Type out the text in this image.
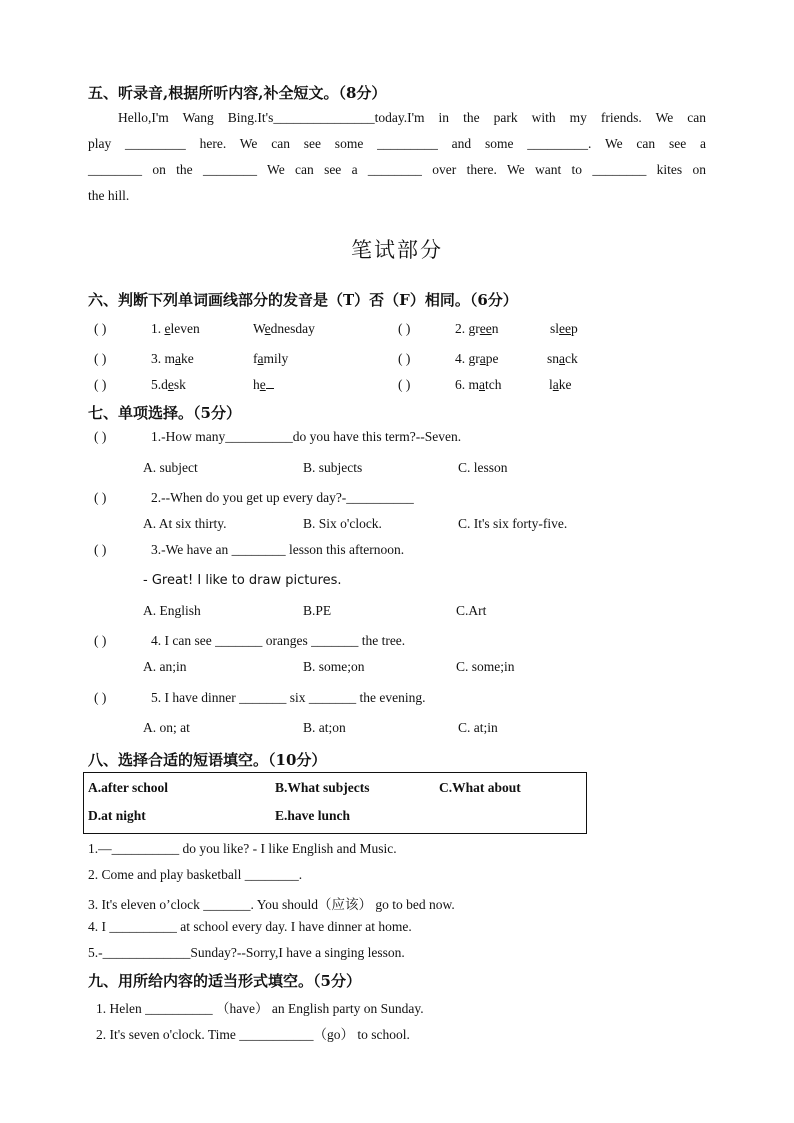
五、听录音,根据所听内容,补全短文。（8分）
Hello,I'm Wang Bing.It's_______________today.I'm in the park with my friends. We can
play _________ here. We can see some _________ and some _________. We can see a
________ on the ________ We can see a ________ over there. We want to ________ kites on
the hill.
笔试部分
六、判断下列单词画线部分的发音是（T）否（F）相同。（6分）
( )	1. eleven	Wednesday	( )	2. green	sleep
( )	3. make	family	( )	4. grape	snack
( )	5.desk	he	( )	6. match	lake
七、单项选择。（5分）
( )	1.-How many__________do you have this term?--Seven.
A. subject	B. subjects	C. lesson
( )	2.--When do you get up every day?-__________
A. At six thirty.	B. Six o'clock.	C. It's six forty-five.
( )	3.-We have an ________ lesson this afternoon.
- Great! I like to draw pictures.
A. English	B.PE	C.Art
( )	4. I can see _______ oranges _______ the tree.
A. an;in	B. some;on	C. some;in
( )	5. I have dinner _______ six _______ the evening.
A. on; at	B. at;on	C. at;in
八、选择合适的短语填空。（10分）
A.after school	B.What subjects	C.What about
D.at night	E.have lunch
1.—__________ do you like? - I like English and Music.
2. Come and play basketball ________.
3. It's eleven o’clock _______. You should（应该） go to bed now.
4. I __________ at school every day. I have dinner at home.
5.-_____________Sunday?--Sorry,I have a singing lesson.
九、用所给内容的适当形式填空。（5分）
1. Helen __________ （have） an English party on Sunday.
2. It's seven o'clock. Time ___________（go） to school.
